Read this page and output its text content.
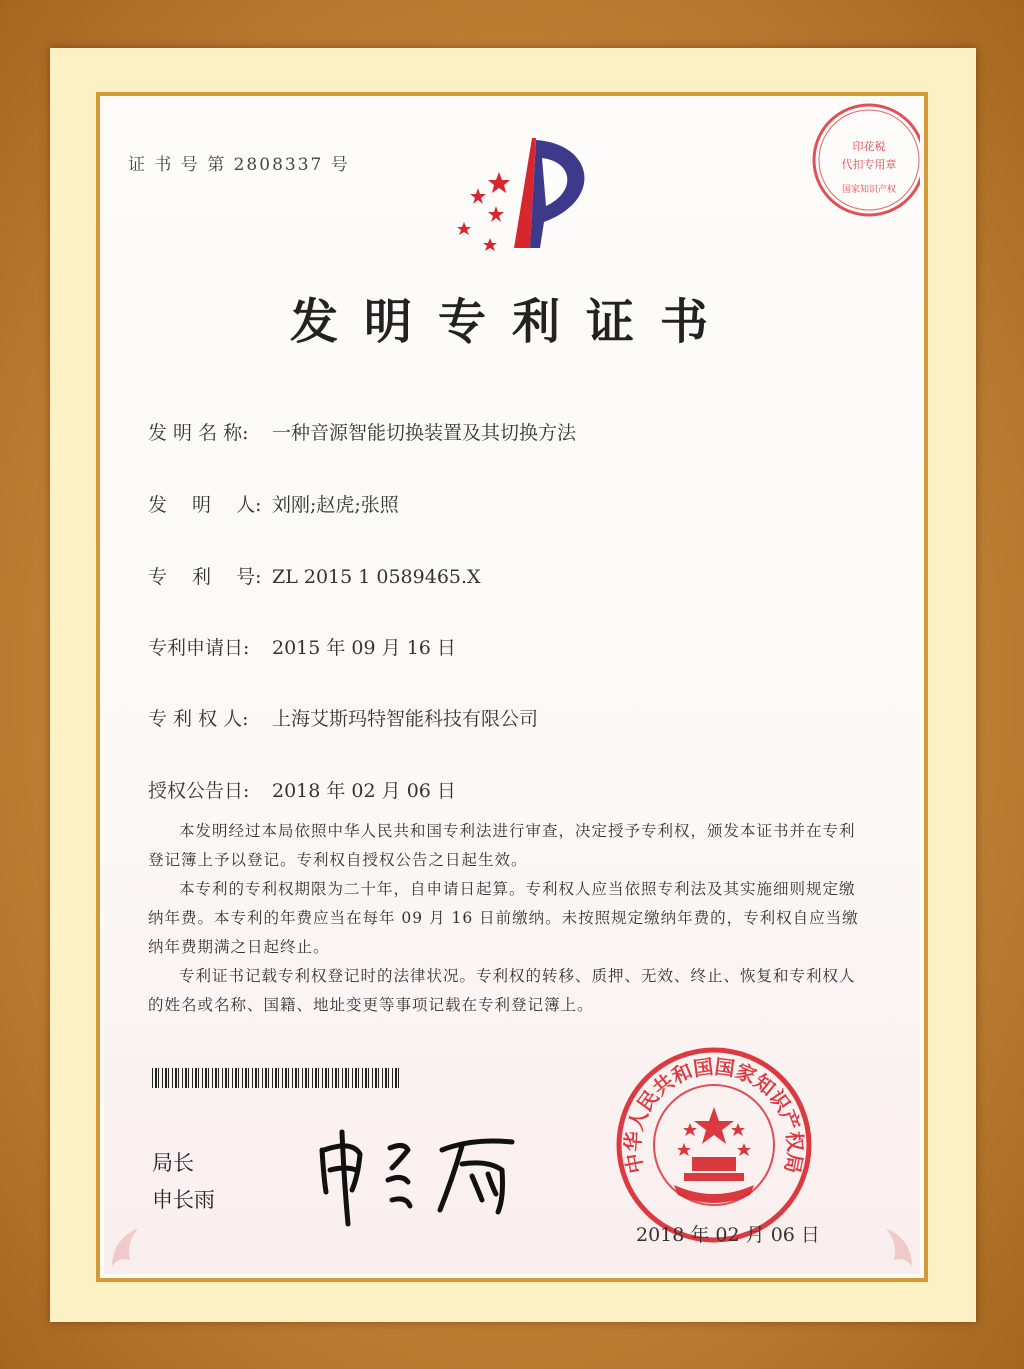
证 书 号 第 2808337 号
印花税
代扣专用章
国家知识产权
发明专利证书
发 明 名 称: 一种音源智能切换装置及其切换方法
发　 明　 人: 刘刚;赵虎;张照
专　 利　 号: ZL 2015 1 0589465.X
专利申请日: 2015 年 09 月 16 日
专 利 权 人: 上海艾斯玛特智能科技有限公司
授权公告日: 2018 年 02 月 06 日

本发明经过本局依照中华人民共和国专利法进行审查，决定授予专利权，颁发本证书并在专利登记簿上予以登记。专利权自授权公告之日起生效。

本专利的专利权期限为二十年，自申请日起算。专利权人应当依照专利法及其实施细则规定缴纳年费。本专利的年费应当在每年 09 月 16 日前缴纳。未按照规定缴纳年费的，专利权自应当缴纳年费期满之日起终止。

专利证书记载专利权登记时的法律状况。专利权的转移、质押、无效、终止、恢复和专利权人的姓名或名称、国籍、地址变更等事项记载在专利登记簿上。

局长
申长雨
中华人民共和国国家知识产权局
2018 年 02 月 06 日
